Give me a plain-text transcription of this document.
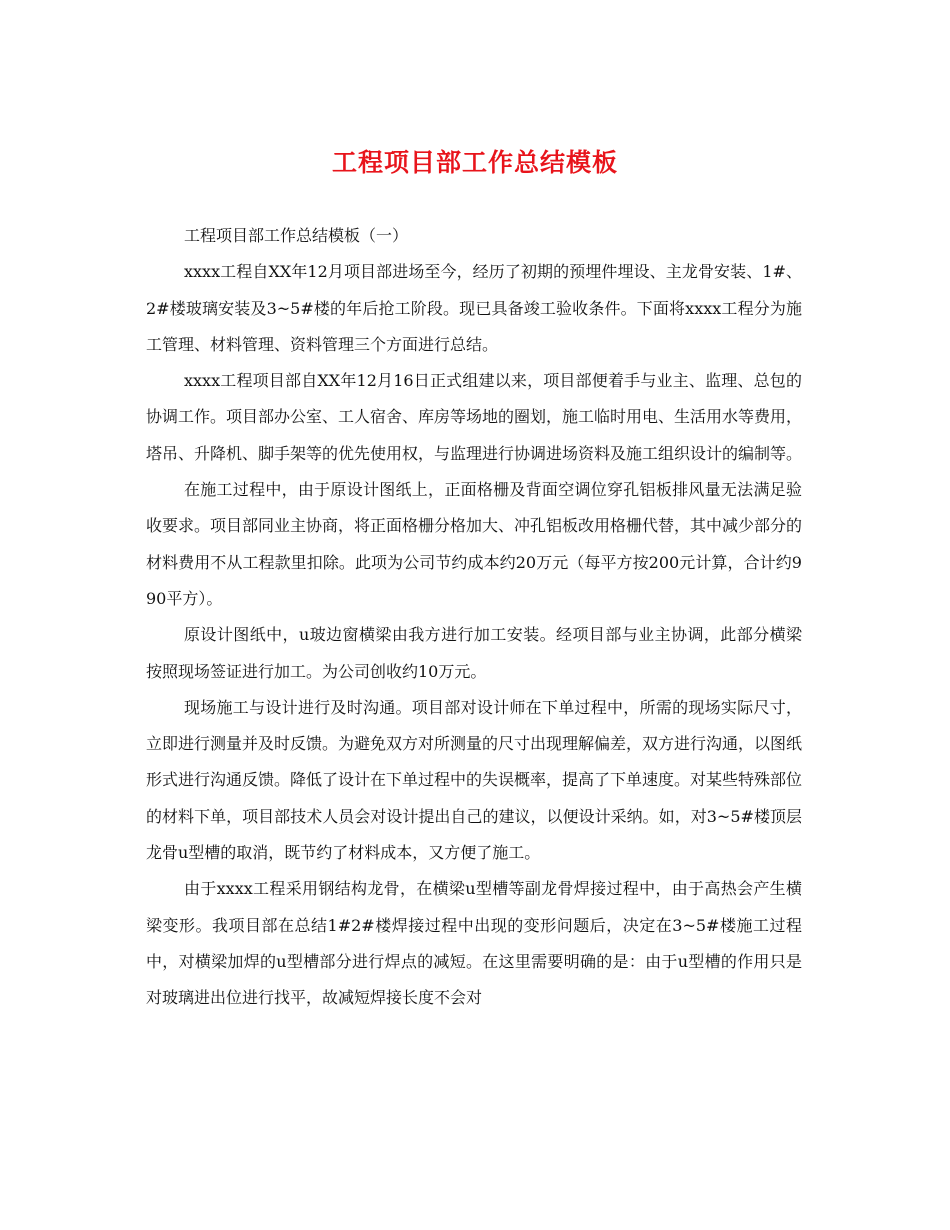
工程项目部工作总结模板

工程项目部工作总结模板（一）

xxxx工程自XX年12月项目部进场至今，经历了初期的预埋件埋设、主龙骨安装、1#、2#楼玻璃安装及3~5#楼的年后抢工阶段。现已具备竣工验收条件。下面将xxxx工程分为施工管理、材料管理、资料管理三个方面进行总结。

xxxx工程项目部自XX年12月16日正式组建以来，项目部便着手与业主、监理、总包的协调工作。项目部办公室、工人宿舍、库房等场地的圈划，施工临时用电、生活用水等费用，塔吊、升降机、脚手架等的优先使用权，与监理进行协调进场资料及施工组织设计的编制等。

在施工过程中，由于原设计图纸上，正面格栅及背面空调位穿孔铝板排风量无法满足验收要求。项目部同业主协商，将正面格栅分格加大、冲孔铝板改用格栅代替，其中减少部分的材料费用不从工程款里扣除。此项为公司节约成本约20万元（每平方按200元计算，合计约990平方）。

原设计图纸中，u玻边窗横梁由我方进行加工安装。经项目部与业主协调，此部分横梁按照现场签证进行加工。为公司创收约10万元。

现场施工与设计进行及时沟通。项目部对设计师在下单过程中，所需的现场实际尺寸，立即进行测量并及时反馈。为避免双方对所测量的尺寸出现理解偏差，双方进行沟通，以图纸形式进行沟通反馈。降低了设计在下单过程中的失误概率，提高了下单速度。对某些特殊部位的材料下单，项目部技术人员会对设计提出自己的建议，以便设计采纳。如，对3~5#楼顶层龙骨u型槽的取消，既节约了材料成本，又方便了施工。

由于xxxx工程采用钢结构龙骨，在横梁u型槽等副龙骨焊接过程中，由于高热会产生横梁变形。我项目部在总结1#2#楼焊接过程中出现的变形问题后，决定在3~5#楼施工过程中，对横梁加焊的u型槽部分进行焊点的减短。在这里需要明确的是：由于u型槽的作用只是对玻璃进出位进行找平，故减短焊接长度不会对
